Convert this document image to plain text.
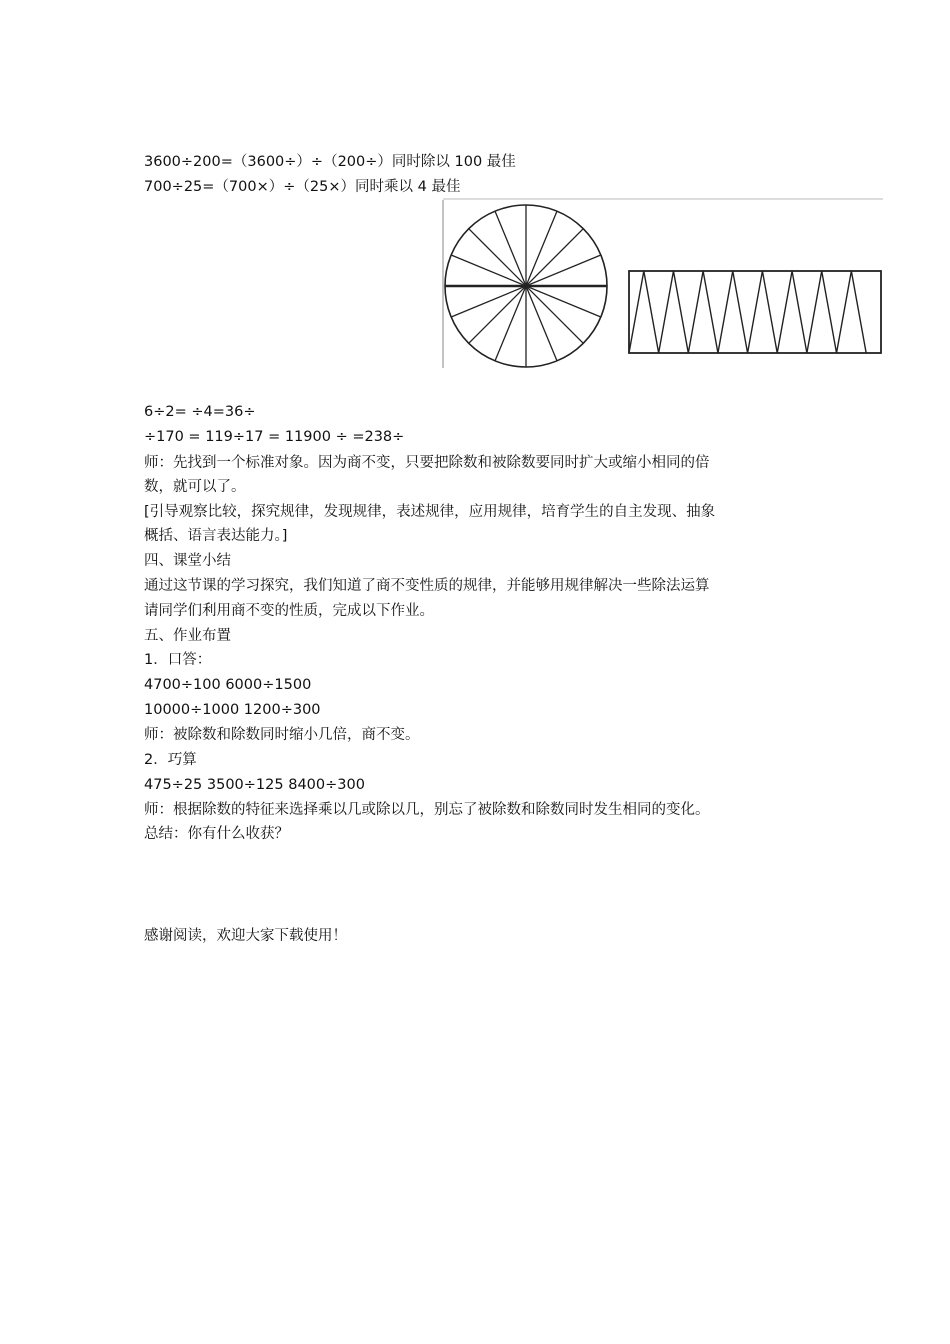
3600÷200=（3600÷）÷（200÷）同时除以 100 最佳
700÷25=（700×）÷（25×）同时乘以 4 最佳
6÷2= ÷4=36÷
÷170 = 119÷17 = 11900 ÷ =238÷
师：先找到一个标准对象。因为商不变，只要把除数和被除数要同时扩大或缩小相同的倍
数，就可以了。
[引导观察比较，探究规律，发现规律，表述规律，应用规律，培育学生的自主发现、抽象
概括、语言表达能力。]
四、课堂小结
通过这节课的学习探究，我们知道了商不变性质的规律，并能够用规律解决一些除法运算
请同学们利用商不变的性质，完成以下作业。
五、作业布置
1．口答：
4700÷100 6000÷1500
10000÷1000 1200÷300
师：被除数和除数同时缩小几倍，商不变。
2．巧算
475÷25 3500÷125 8400÷300
师：根据除数的特征来选择乘以几或除以几，别忘了被除数和除数同时发生相同的变化。
总结：你有什么收获？
感谢阅读，欢迎大家下载使用！
